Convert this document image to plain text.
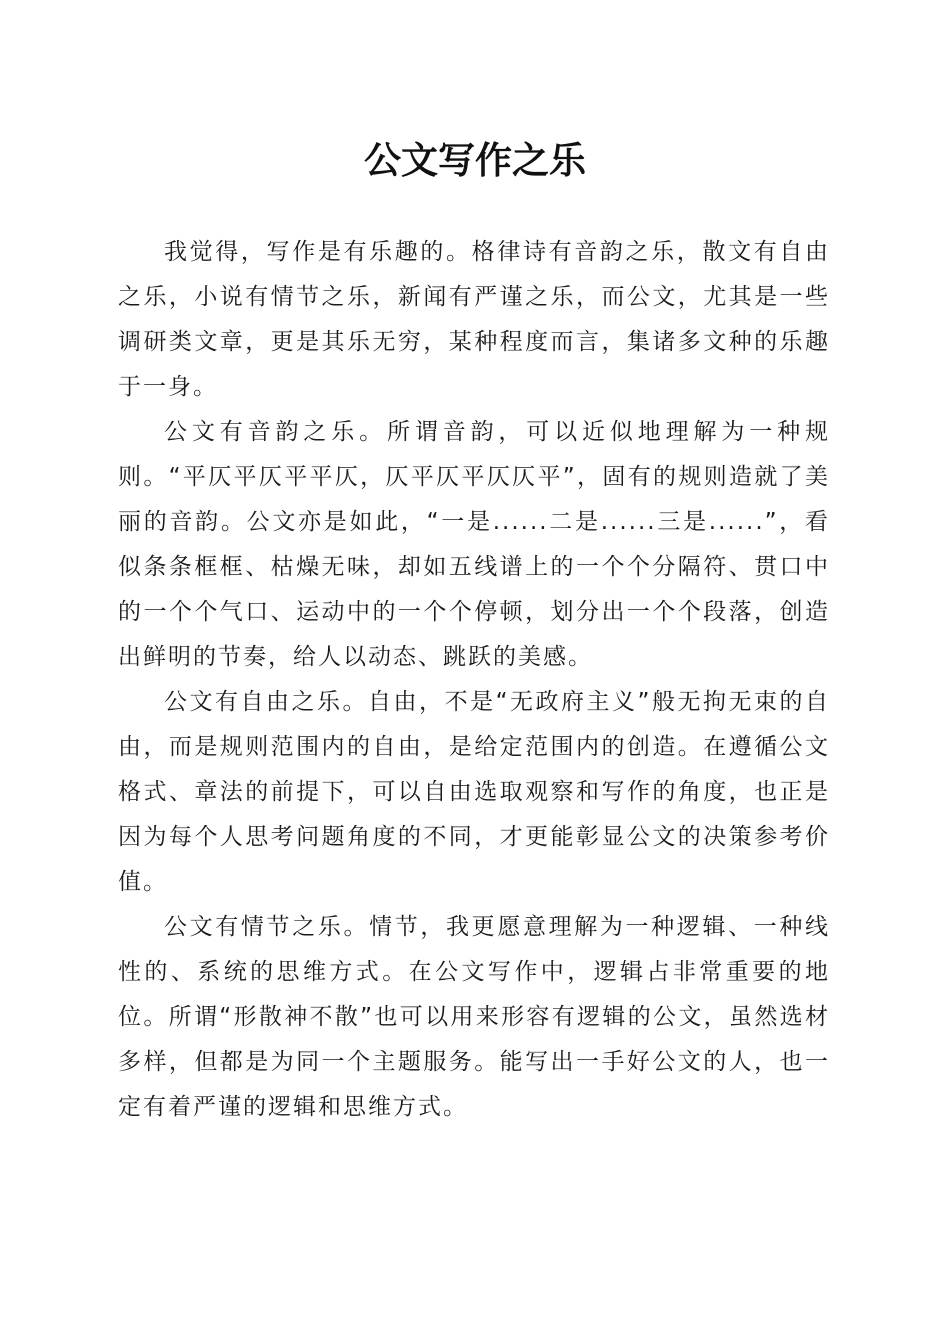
公文写作之乐

我觉得，写作是有乐趣的。格律诗有音韵之乐，散文有自由之乐，小说有情节之乐，新闻有严谨之乐，而公文，尤其是一些调研类文章，更是其乐无穷，某种程度而言，集诸多文种的乐趣于一身。

公文有音韵之乐。所谓音韵，可以近似地理解为一种规则。“平仄平仄平平仄，仄平仄平仄仄平”，固有的规则造就了美丽的音韵。公文亦是如此，“一是......二是......三是......”，看似条条框框、枯燥无味，却如五线谱上的一个个分隔符、贯口中的一个个气口、运动中的一个个停顿，划分出一个个段落，创造出鲜明的节奏，给人以动态、跳跃的美感。

公文有自由之乐。自由，不是“无政府主义”般无拘无束的自由，而是规则范围内的自由，是给定范围内的创造。在遵循公文格式、章法的前提下，可以自由选取观察和写作的角度，也正是因为每个人思考问题角度的不同，才更能彰显公文的决策参考价值。

公文有情节之乐。情节，我更愿意理解为一种逻辑、一种线性的、系统的思维方式。在公文写作中，逻辑占非常重要的地位。所谓“形散神不散”也可以用来形容有逻辑的公文，虽然选材多样，但都是为同一个主题服务。能写出一手好公文的人，也一定有着严谨的逻辑和思维方式。
